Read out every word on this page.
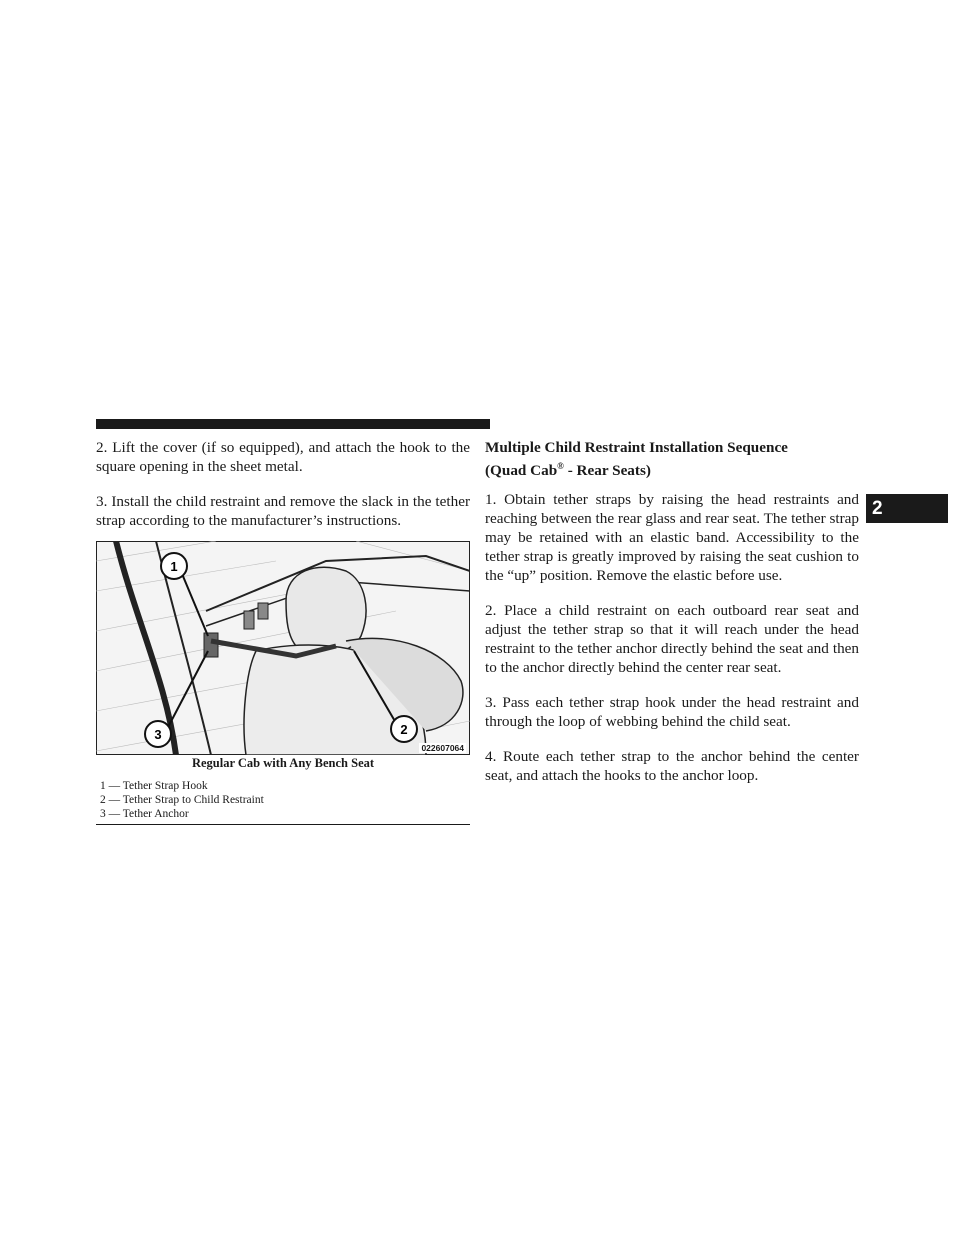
2. Lift the cover (if so equipped), and attach the hook to the square opening in the sheet metal.

3. Install the child restraint and remove the slack in the tether strap according to the manufacturer’s instructions.

1
3	2
022607064

Regular Cab with Any Bench Seat

1 — Tether Strap Hook
2 — Tether Strap to Child Restraint
3 — Tether Anchor
Multiple Child Restraint Installation Sequence
(Quad Cab® - Rear Seats)

1. Obtain tether straps by raising the head restraints and reaching between the rear glass and rear seat. The tether strap may be retained with an elastic band. Accessibility to the tether strap is greatly improved by raising the seat cushion to the “up” position. Remove the elastic before use.

2. Place a child restraint on each outboard rear seat and adjust the tether strap so that it will reach under the head restraint to the tether anchor directly behind the seat and then to the anchor directly behind the center rear seat.

3. Pass each tether strap hook under the head restraint and through the loop of webbing behind the child seat.

4. Route each tether strap to the anchor behind the center seat, and attach the hooks to the anchor loop.

2
